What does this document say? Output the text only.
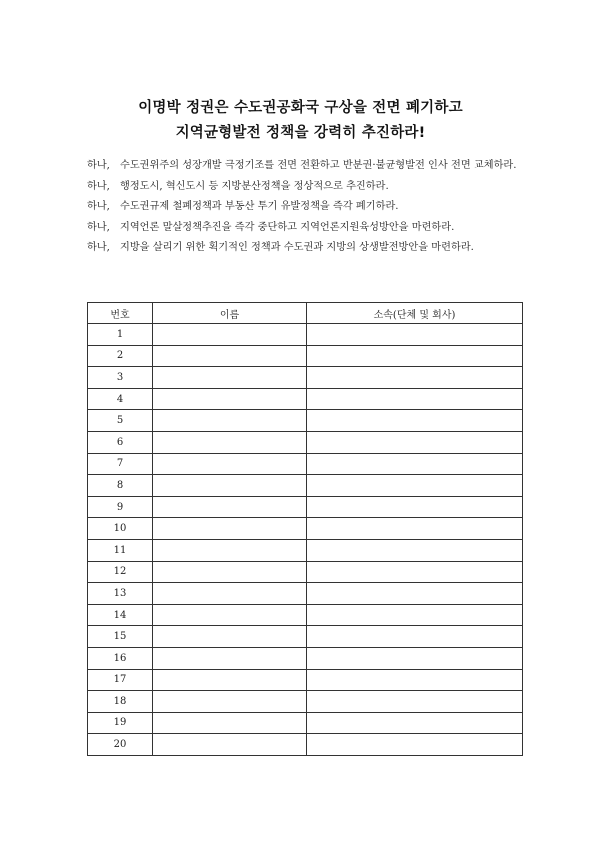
이명박 정권은 수도권공화국 구상을 전면 폐기하고
지역균형발전 정책을 강력히 추진하라!
하나, 수도권위주의 성장개발 극정기조를 전면 전환하고 반분권·불균형발전 인사 전면 교체하라.
하나, 행정도시, 혁신도시 등 지방분산정책을 정상적으로 추진하라.
하나, 수도권규제 철폐정책과 부동산 투기 유발정책을 즉각 폐기하라.
하나, 지역언론 말살정책추진을 즉각 중단하고 지역언론지원육성방안을 마련하라.
하나, 지방을 살리기 위한 획기적인 정책과 수도권과 지방의 상생발전방안을 마련하라.
번호	이름	소속(단체 및 회사)
1		
2		
3		
4		
5		
6		
7		
8		
9		
10		
11		
12		
13		
14		
15		
16		
17		
18		
19		
20		
